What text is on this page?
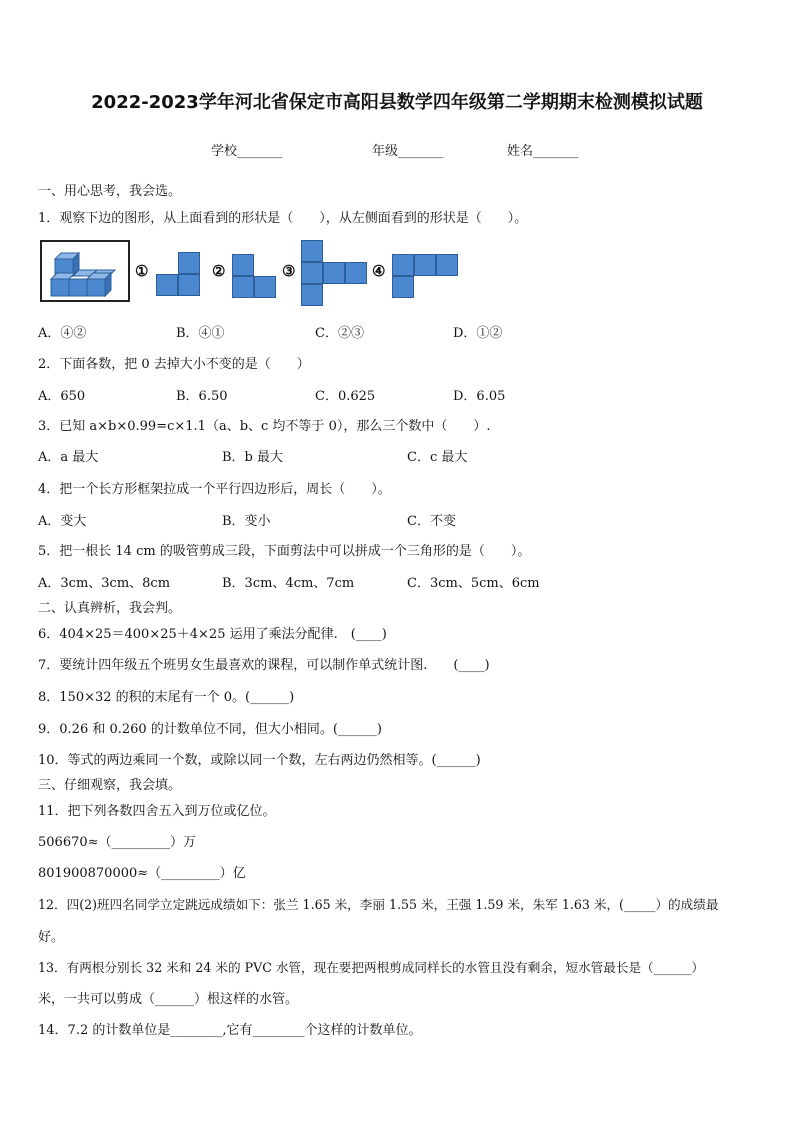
2022-2023学年河北省保定市高阳县数学四年级第二学期期末检测模拟试题
学校_______	年级_______	姓名_______
一、用心思考，我会选。
1．观察下边的图形，从上面看到的形状是（　　），从左侧面看到的形状是（　　）。
①	②	③	④
A．④②	B．④①	C．②③	D．①②
2．下面各数，把 0 去掉大小不变的是（　　）
A．650	B．6.50	C．0.625	D．6.05
3．已知 a×b×0.99=c×1.1（a、b、c 均不等于 0），那么三个数中（　　）.
A．a 最大	B．b 最大	C．c 最大
4．把一个长方形框架拉成一个平行四边形后，周长（　　）。
A．变大	B．变小	C．不变
5．把一根长 14 cm 的吸管剪成三段，下面剪法中可以拼成一个三角形的是（　　）。
A．3cm、3cm、8cm	B．3cm、4cm、7cm	C．3cm、5cm、6cm
二、认真辨析，我会判。
6．404×25＝400×25＋4×25 运用了乘法分配律.　(____)
7．要统计四年级五个班男女生最喜欢的课程，可以制作单式统计图.　　(____)
8．150×32 的积的末尾有一个 0。(______)
9．0.26 和 0.260 的计数单位不同，但大小相同。(______)
10．等式的两边乘同一个数，或除以同一个数，左右两边仍然相等。(______)
三、仔细观察，我会填。
11．把下列各数四舍五入到万位或亿位。
506670≈（_________）万
801900870000≈（_________）亿
12．四(2)班四名同学立定跳远成绩如下：张兰 1.65 米，李丽 1.55 米，王强 1.59 米，朱军 1.63 米，(_____）的成绩最
好。
13．有两根分别长 32 米和 24 米的 PVC 水管，现在要把两根剪成同样长的水管且没有剩余，短水管最长是（______）
米，一共可以剪成（______）根这样的水管。
14．7.2 的计数单位是________,它有________个这样的计数单位。
